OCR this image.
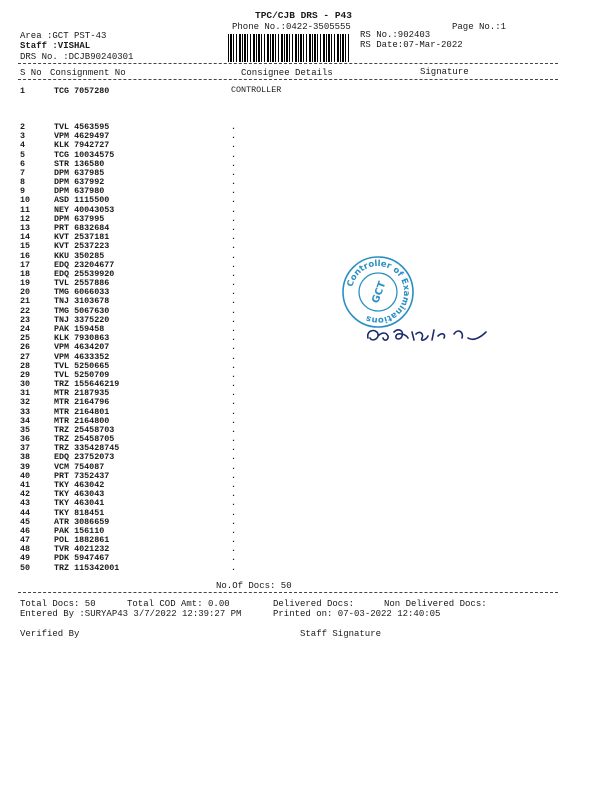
TPC/CJB DRS - P43
Phone No.:0422-3505555	Page No.:1
Area :GCT PST-43
Staff :VISHAL
DRS No. :DCJB90240301
RS No.:902403
RS Date:07-Mar-2022
S No Consignment No	Consignee Details	Signature
1	TCG 7057280	CONTROLLER
2	TVL 4563595	.
3	VPM 4629497	.
4	KLK 7942727	.
5	TCG 10034575	.
6	STR 136580	.
7	DPM 637985	.
8	DPM 637992	.
9	DPM 637980	.
10	ASD 1115500	.
11	NEY 40043053	.
12	DPM 637995	.
13	PRT 6832684	.
14	KVT 2537181	.
15	KVT 2537223	.
16	KKU 350285	.
17	EDQ 23204677	.
18	EDQ 25539920	.
19	TVL 2557886	.
20	TMG 6066033	.
21	TNJ 3103678	.
22	TMG 5067630	.
23	TNJ 3375220	.
24	PAK 159458	.
25	KLK 7930863	.
26	VPM 4634207	.
27	VPM 4633352	.
28	TVL 5250665	.
29	TVL 5250709	.
30	TRZ 155646219	.
31	MTR 2187935	.
32	MTR 2164796	.
33	MTR 2164801	.
34	MTR 2164800	.
35	TRZ 25458703	.
36	TRZ 25458705	.
37	TRZ 335428745	.
38	EDQ 23752073	.
39	VCM 754087	.
40	PRT 7352437	.
41	TKY 463042	.
42	TKY 463043	.
43	TKY 463041	.
44	TKY 818451	.
45	ATR 3086659	.
46	PAK 156110	.
47	POL 1882861	.
48	TVR 4021232	.
49	PDK 5947467	.
50	TRZ 115342001	.
Controller of Examinations
GCT
No.Of Docs: 50
Total Docs: 50	Total COD Amt: 0.00	Delivered Docs:	Non Delivered Docs:
Entered By :SURYAP43 3/7/2022 12:39:27 PM	Printed on: 07-03-2022 12:40:05
Verified By	Staff Signature
